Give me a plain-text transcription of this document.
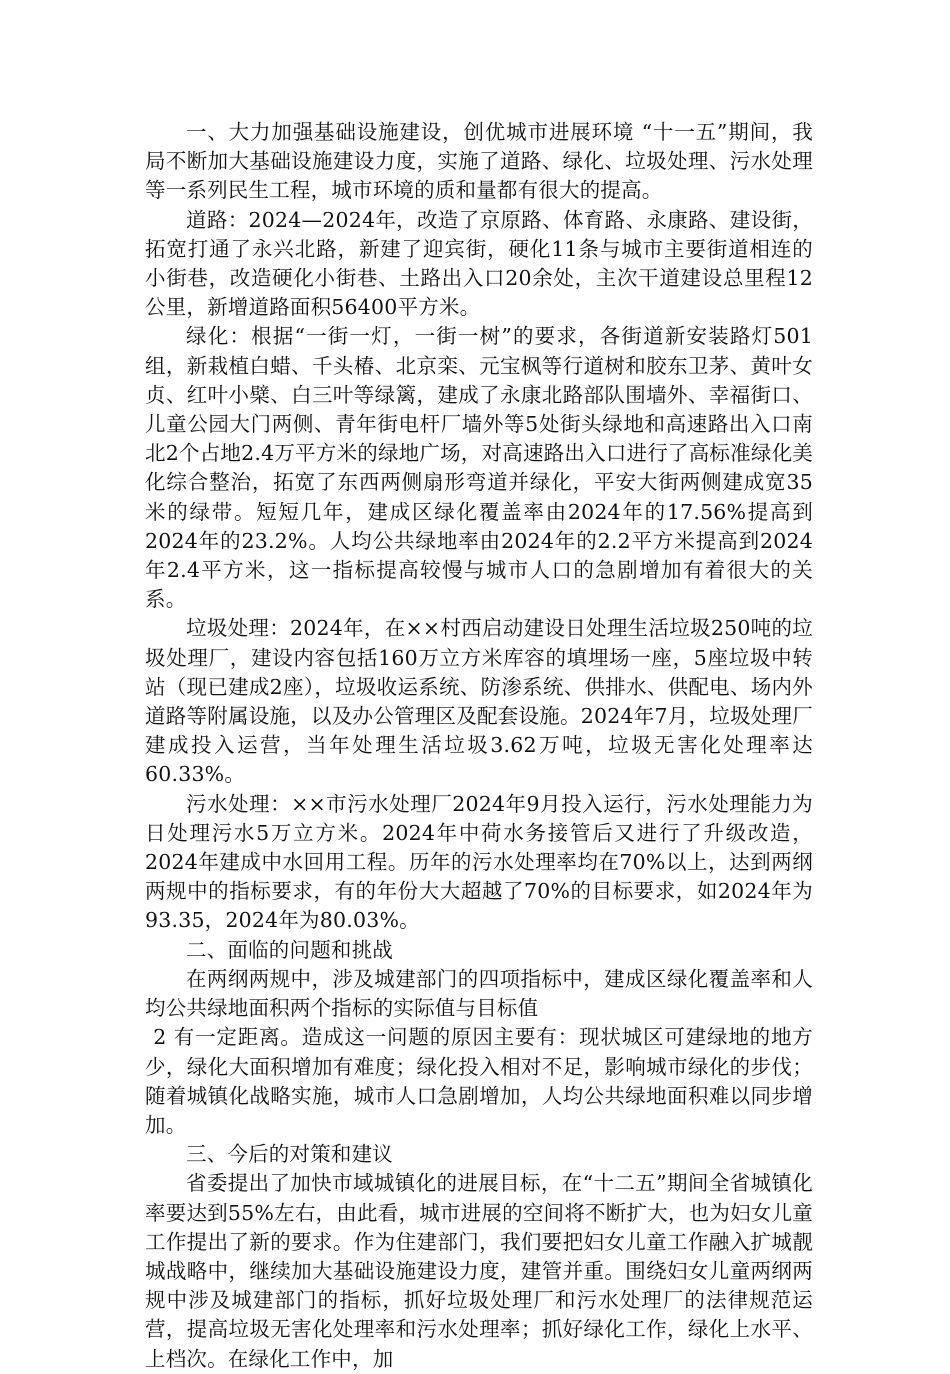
一、大力加强基础设施建设，创优城市进展环境 “十一五”期间，我局不断加大基础设施建设力度，实施了道路、绿化、垃圾处理、污水处理等一系列民生工程，城市环境的质和量都有很大的提高。

道路：2024—2024年，改造了京原路、体育路、永康路、建设街，拓宽打通了永兴北路，新建了迎宾街，硬化11条与城市主要街道相连的小街巷，改造硬化小街巷、土路出入口20余处，主次干道建设总里程12公里，新增道路面积56400平方米。

绿化：根据“一街一灯，一街一树”的要求，各街道新安装路灯501组，新栽植白蜡、千头椿、北京栾、元宝枫等行道树和胶东卫茅、黄叶女贞、红叶小檗、白三叶等绿篱，建成了永康北路部队围墙外、幸福街口、儿童公园大门两侧、青年街电杆厂墙外等5处街头绿地和高速路出入口南北2个占地2.4万平方米的绿地广场，对高速路出入口进行了高标准绿化美化综合整治，拓宽了东西两侧扇形弯道并绿化，平安大街两侧建成宽35米的绿带。短短几年，建成区绿化覆盖率由2024年的17.56%提高到2024年的23.2%。人均公共绿地率由2024年的2.2平方米提高到2024年2.4平方米，这一指标提高较慢与城市人口的急剧增加有着很大的关系。

垃圾处理：2024年，在××村西启动建设日处理生活垃圾250吨的垃圾处理厂，建设内容包括160万立方米库容的填埋场一座，5座垃圾中转站（现已建成2座），垃圾收运系统、防渗系统、供排水、供配电、场内外道路等附属设施，以及办公管理区及配套设施。2024年7月，垃圾处理厂建成投入运营，当年处理生活垃圾3.62万吨，垃圾无害化处理率达60.33%。

污水处理：××市污水处理厂2024年9月投入运行，污水处理能力为日处理污水5万立方米。2024年中荷水务接管后又进行了升级改造，2024年建成中水回用工程。历年的污水处理率均在70%以上，达到两纲两规中的指标要求，有的年份大大超越了70%的目标要求，如2024年为93.35，2024年为80.03%。

二、面临的问题和挑战

在两纲两规中，涉及城建部门的四项指标中，建成区绿化覆盖率和人均公共绿地面积两个指标的实际值与目标值

2 有一定距离。造成这一问题的原因主要有：现状城区可建绿地的地方少，绿化大面积增加有难度；绿化投入相对不足，影响城市绿化的步伐；随着城镇化战略实施，城市人口急剧增加，人均公共绿地面积难以同步增加。

三、今后的对策和建议

省委提出了加快市域城镇化的进展目标，在“十二五”期间全省城镇化率要达到55%左右，由此看，城市进展的空间将不断扩大，也为妇女儿童工作提出了新的要求。作为住建部门，我们要把妇女儿童工作融入扩城靓城战略中，继续加大基础设施建设力度，建管并重。围绕妇女儿童两纲两规中涉及城建部门的指标，抓好垃圾处理厂和污水处理厂的法律规范运营，提高垃圾无害化处理率和污水处理率；抓好绿化工作，绿化上水平、上档次。在绿化工作中，加
